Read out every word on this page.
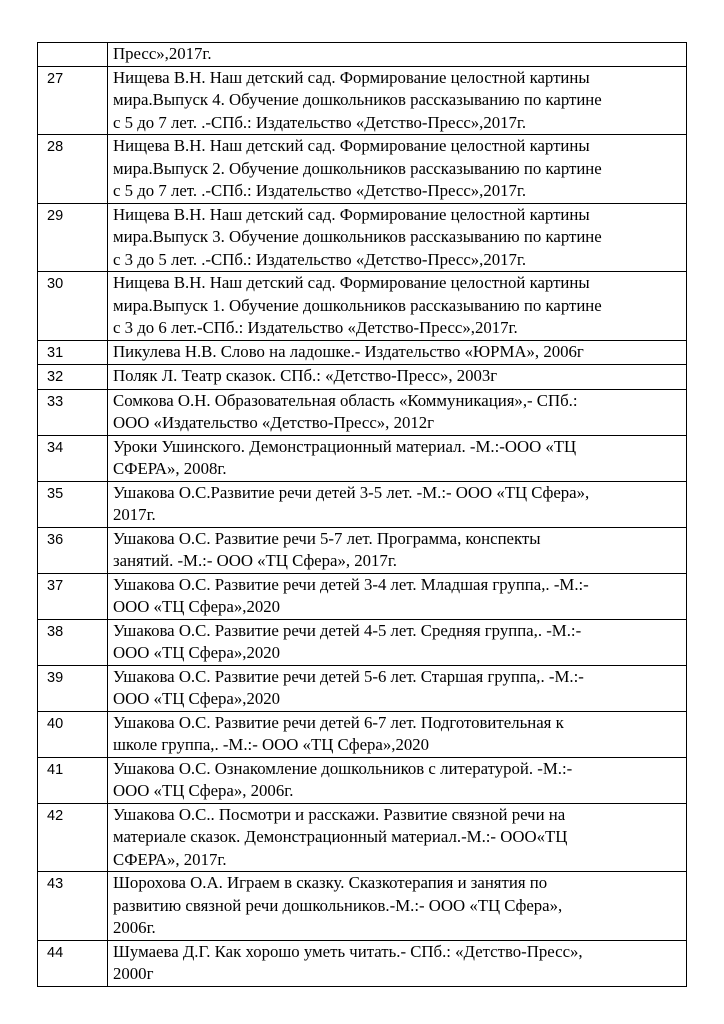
	Пресс»,2017г.
27	Нищева В.Н. Наш детский сад. Формирование целостной картины
мира.Выпуск 4. Обучение дошкольников рассказыванию по картине
с 5 до 7 лет. .-СПб.: Издательство «Детство-Пресс»,2017г.
28	Нищева В.Н. Наш детский сад. Формирование целостной картины
мира.Выпуск 2. Обучение дошкольников рассказыванию по картине
с 5 до 7 лет. .-СПб.: Издательство «Детство-Пресс»,2017г.
29	Нищева В.Н. Наш детский сад. Формирование целостной картины
мира.Выпуск 3. Обучение дошкольников рассказыванию по картине
с 3 до 5 лет. .-СПб.: Издательство «Детство-Пресс»,2017г.
30	Нищева В.Н. Наш детский сад. Формирование целостной картины
мира.Выпуск 1. Обучение дошкольников рассказыванию по картине
с 3 до 6 лет.-СПб.: Издательство «Детство-Пресс»,2017г.
31	Пикулева Н.В. Слово на ладошке.- Издательство «ЮРМА», 2006г
32	Поляк Л. Театр сказок. СПб.: «Детство-Пресс», 2003г
33	Сомкова О.Н. Образовательная область «Коммуникация»,- СПб.:
ООО «Издательство «Детство-Пресс», 2012г
34	Уроки Ушинского. Демонстрационный материал. -М.:-ООО «ТЦ
СФЕРА», 2008г.
35	Ушакова О.С.Развитие речи детей 3-5 лет. -М.:- ООО «ТЦ Сфера»,
2017г.
36	Ушакова О.С. Развитие речи 5-7 лет. Программа, конспекты
занятий. -М.:- ООО «ТЦ Сфера», 2017г.
37	Ушакова О.С. Развитие речи детей 3-4 лет. Младшая группа,. -М.:-
ООО «ТЦ Сфера»,2020
38	Ушакова О.С. Развитие речи детей 4-5 лет. Средняя группа,. -М.:-
ООО «ТЦ Сфера»,2020
39	Ушакова О.С. Развитие речи детей 5-6 лет. Старшая группа,. -М.:-
ООО «ТЦ Сфера»,2020
40	Ушакова О.С. Развитие речи детей 6-7 лет. Подготовительная к
школе группа,. -М.:- ООО «ТЦ Сфера»,2020
41	Ушакова О.С. Ознакомление дошкольников с литературой. -М.:-
ООО «ТЦ Сфера», 2006г.
42	Ушакова О.С.. Посмотри и расскажи. Развитие связной речи на
материале сказок. Демонстрационный материал.-М.:- ООО«ТЦ
СФЕРА», 2017г.
43	Шорохова О.А. Играем в сказку. Сказкотерапия и занятия по
развитию связной речи дошкольников.-М.:- ООО «ТЦ Сфера»,
2006г.
44	Шумаева Д.Г. Как хорошо уметь читать.- СПб.: «Детство-Пресс»,
2000г
